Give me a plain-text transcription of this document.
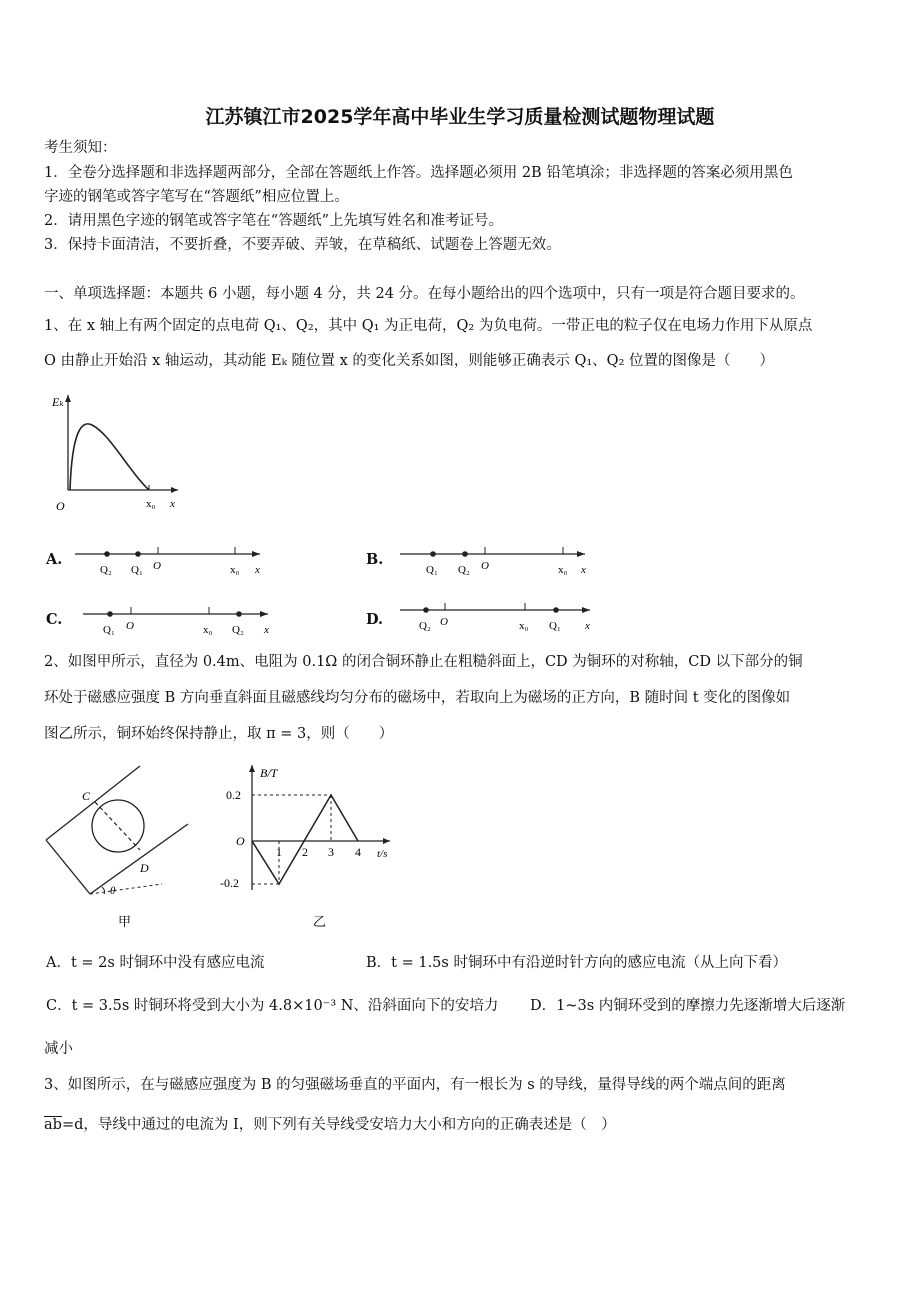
江苏镇江市2025学年高中毕业生学习质量检测试题物理试题
考生须知：
1．全卷分选择题和非选择题两部分，全部在答题纸上作答。选择题必须用 2B 铅笔填涂；非选择题的答案必须用黑色
字迹的钢笔或答字笔写在“答题纸”相应位置上。
2．请用黑色字迹的钢笔或答字笔在“答题纸”上先填写姓名和准考证号。
3．保持卡面清洁，不要折叠，不要弄破、弄皱，在草稿纸、试题卷上答题无效。
一、单项选择题：本题共 6 小题，每小题 4 分，共 24 分。在每小题给出的四个选项中，只有一项是符合题目要求的。
1、在 x 轴上有两个固定的点电荷 Q₁、Q₂，其中 Q₁ 为正电荷，Q₂ 为负电荷。一带正电的粒子仅在电场力作用下从原点
O 由静止开始沿 x 轴运动，其动能 Eₖ 随位置 x 的变化关系如图，则能够正确表示 Q₁、Q₂ 位置的图像是（　　）
Eₖ
O	x₀ x
A.
Q₂ Q₁ O	x₀ x
B.
Q₁ Q₂ O	x₀ x
C.
Q₁ O	x₀ Q₂ x
D.	Q₂ O	x₀ Q₁ x
2、如图甲所示，直径为 0.4m、电阻为 0.1Ω 的闭合铜环静止在粗糙斜面上，CD 为铜环的对称轴，CD 以下部分的铜
环处于磁感应强度 B 方向垂直斜面且磁感线均匀分布的磁场中，若取向上为磁场的正方向，B 随时间 t 变化的图像如
图乙所示，铜环始终保持静止，取 π = 3，则（　　）
C
D
θ
甲
B/T
0.2
-0.2
O
1 2 3 4 t/s
乙
A．t = 2s 时铜环中没有感应电流	B．t = 1.5s 时铜环中有沿逆时针方向的感应电流（从上向下看）
C．t = 3.5s 时铜环将受到大小为 4.8×10⁻³ N、沿斜面向下的安培力 D．1~3s 内铜环受到的摩擦力先逐渐增大后逐渐
减小
3、如图所示，在与磁感应强度为 B 的匀强磁场垂直的平面内，有一根长为 s 的导线，量得导线的两个端点间的距离
$\overline{ab}=d$，导线中通过的电流为 I，则下列有关导线受安培力大小和方向的正确表述是（　）
